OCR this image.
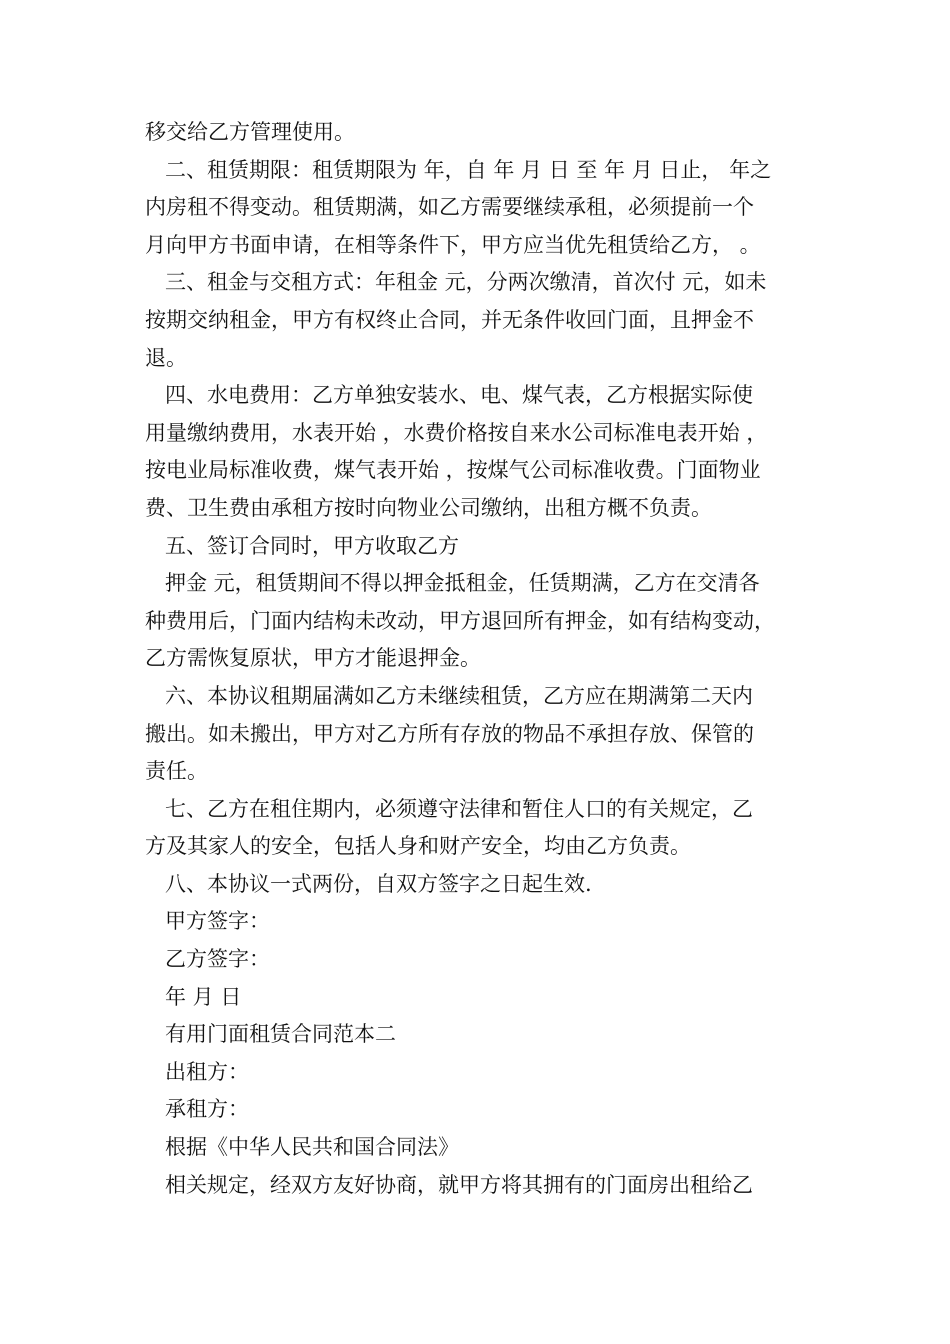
移交给乙方管理使用。
二、租赁期限：租赁期限为 年，自 年 月 日 至 年 月 日止， 年之
内房租不得变动。租赁期满，如乙方需要继续承租，必须提前一个
月向甲方书面申请，在相等条件下，甲方应当优先租赁给乙方， 。
三、租金与交租方式：年租金 元，分两次缴清，首次付 元，如未
按期交纳租金，甲方有权终止合同，并无条件收回门面，且押金不
退。
四、水电费用：乙方单独安装水、电、煤气表，乙方根据实际使
用量缴纳费用，水表开始 ，水费价格按自来水公司标准电表开始 ，
按电业局标准收费，煤气表开始 ，按煤气公司标准收费。门面物业
费、卫生费由承租方按时向物业公司缴纳，出租方概不负责。
五、签订合同时，甲方收取乙方
押金 元，租赁期间不得以押金抵租金，任赁期满，乙方在交清各
种费用后，门面内结构未改动，甲方退回所有押金，如有结构变动，
乙方需恢复原状，甲方才能退押金。
六、本协议租期届满如乙方未继续租赁，乙方应在期满第二天内
搬出。如未搬出，甲方对乙方所有存放的物品不承担存放、保管的
责任。
七、乙方在租住期内，必须遵守法律和暂住人口的有关规定，乙
方及其家人的安全，包括人身和财产安全，均由乙方负责。
八、本协议一式两份，自双方签字之日起生效.
甲方签字：
乙方签字：
年 月 日
有用门面租赁合同范本二
出租方：
承租方：
根据《中华人民共和国合同法》
相关规定，经双方友好协商，就甲方将其拥有的门面房出租给乙
